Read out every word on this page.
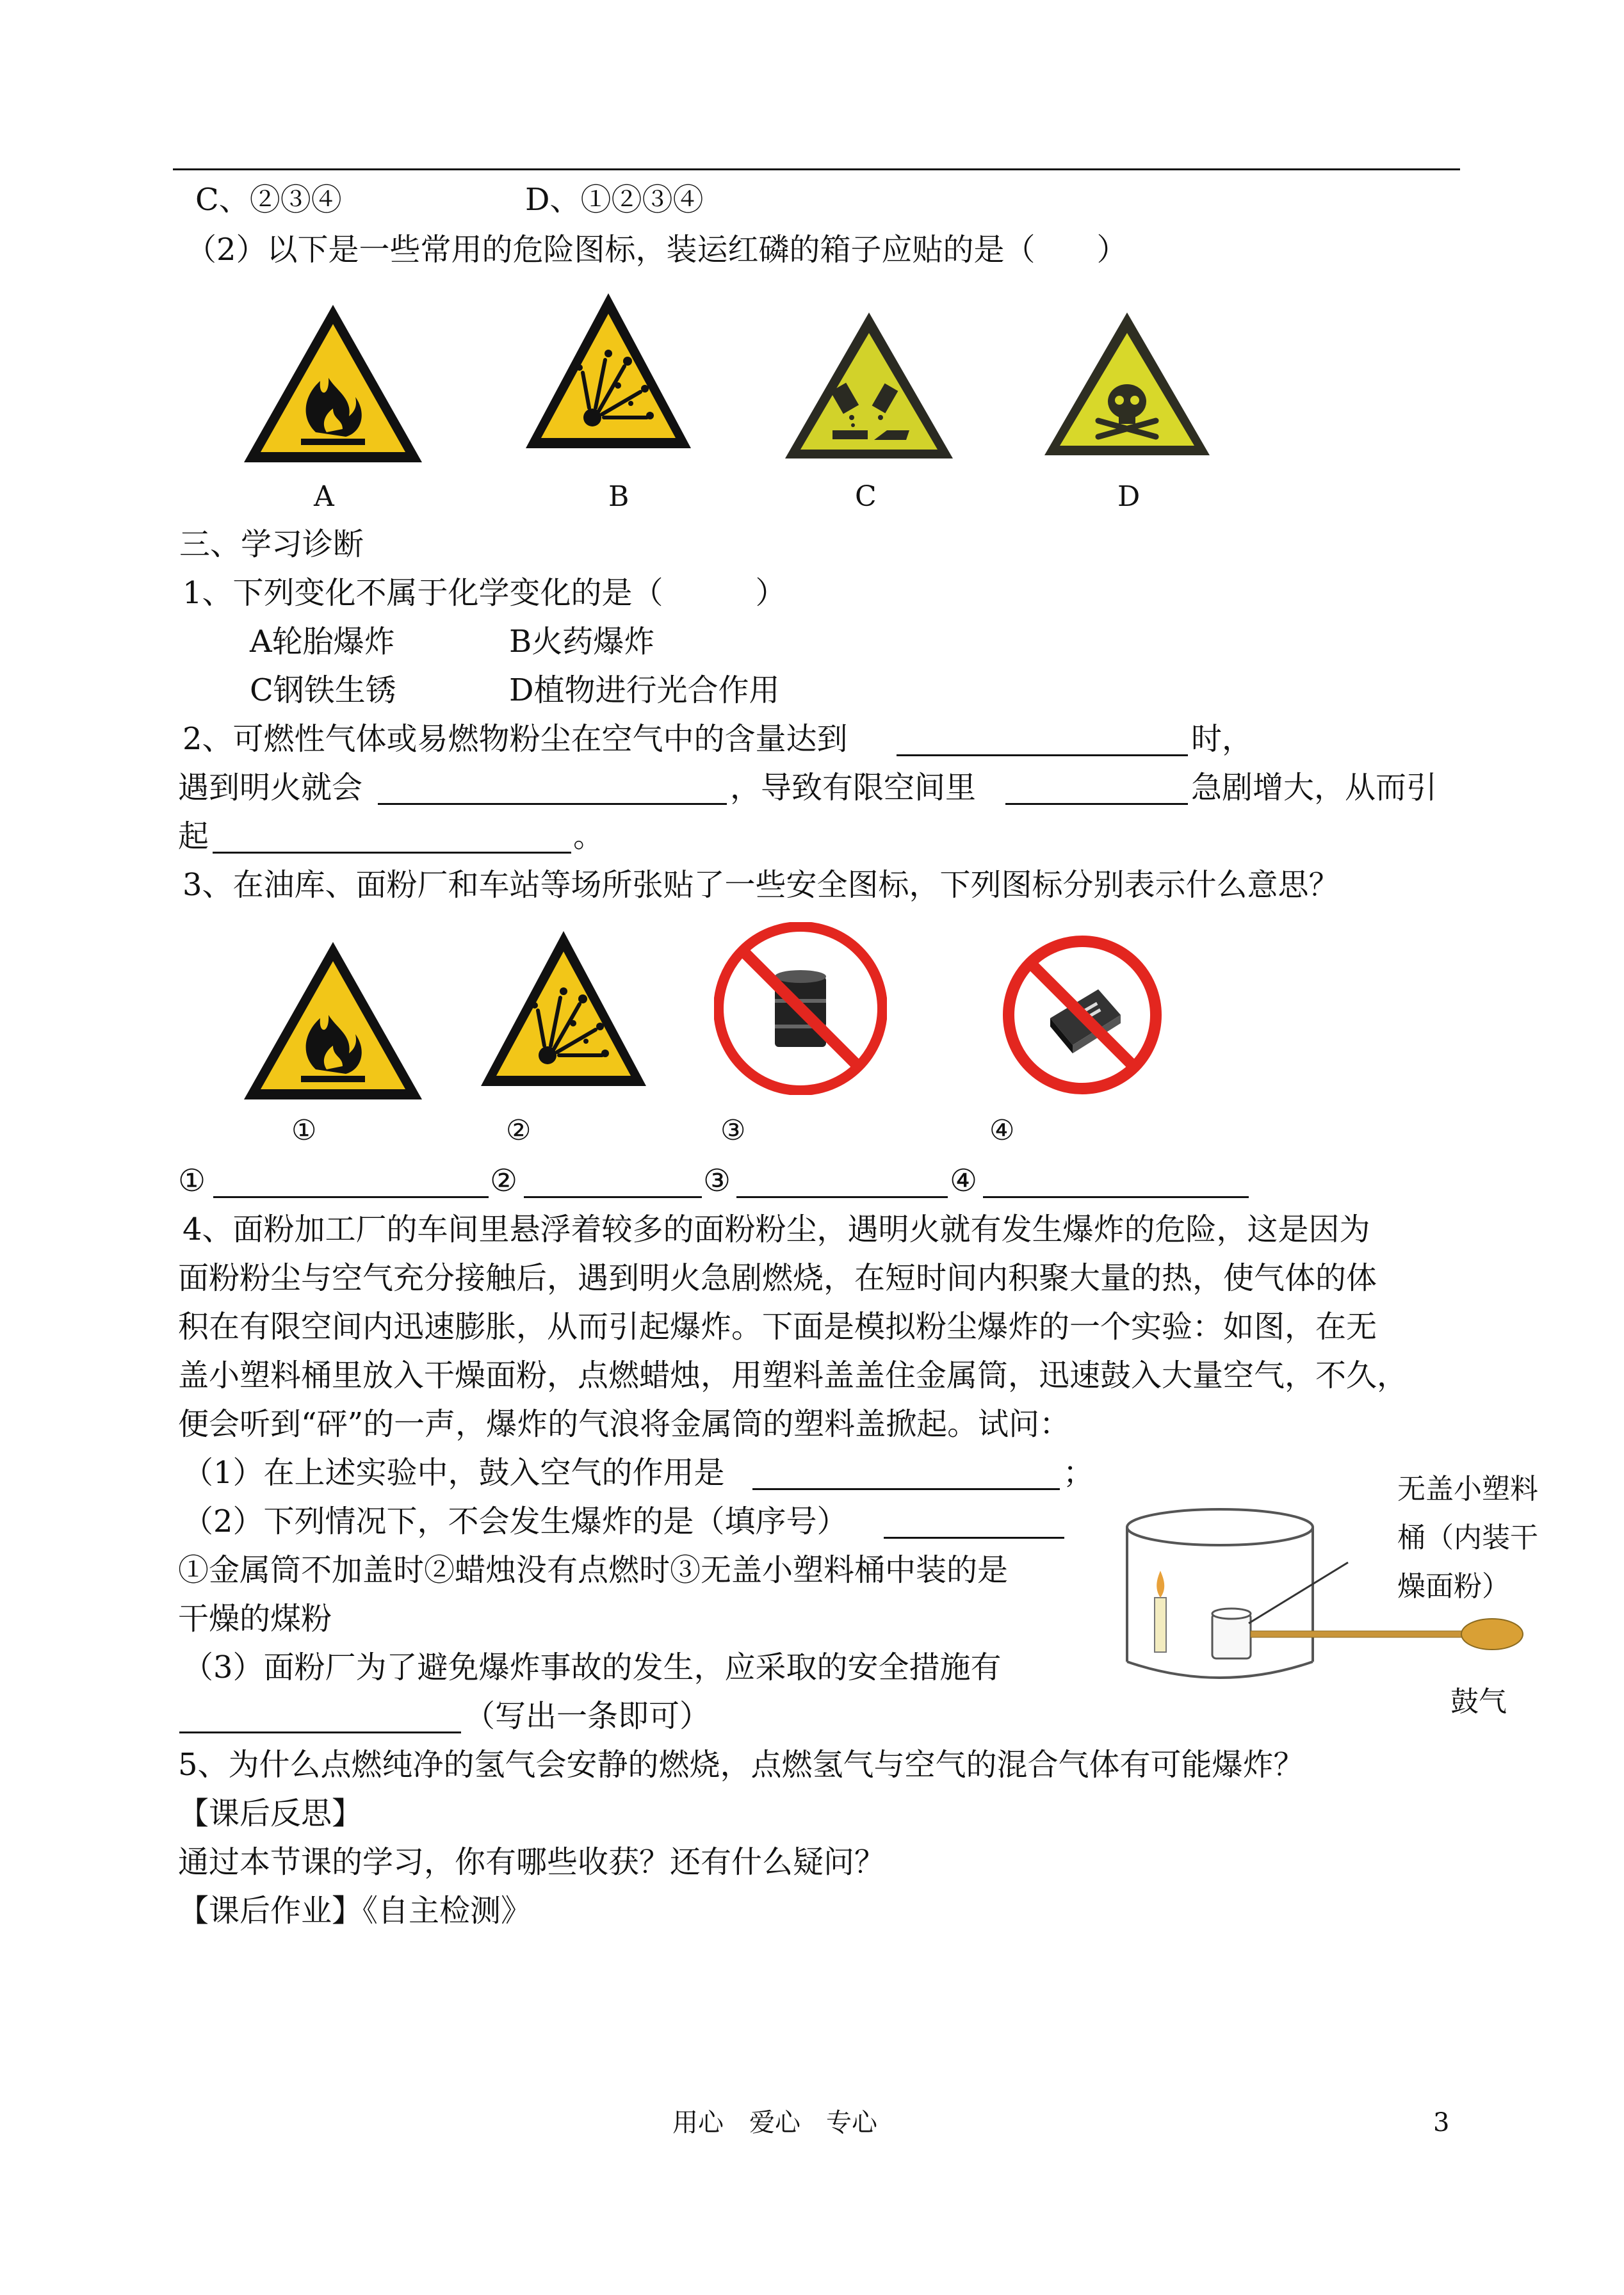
C、②③④	D、①②③④
（2）以下是一些常用的危险图标，装运红磷的箱子应贴的是（　　）
A	B	C	D
三、学习诊断
1、下列变化不属于化学变化的是（　　　）
A轮胎爆炸	B火药爆炸
C钢铁生锈	D植物进行光合作用
2、可燃性气体或易燃物粉尘在空气中的含量达到	时，
遇到明火就会	，导致有限空间里	急剧增大，从而引
起	。
3、在油库、面粉厂和车站等场所张贴了一些安全图标，下列图标分别表示什么意思？
①	②	③	④
①	②	③	④
4、面粉加工厂的车间里悬浮着较多的面粉粉尘，遇明火就有发生爆炸的危险，这是因为
面粉粉尘与空气充分接触后，遇到明火急剧燃烧，在短时间内积聚大量的热，使气体的体
积在有限空间内迅速膨胀，从而引起爆炸。下面是模拟粉尘爆炸的一个实验：如图，在无
盖小塑料桶里放入干燥面粉，点燃蜡烛，用塑料盖盖住金属筒，迅速鼓入大量空气，不久，
便会听到“砰”的一声，爆炸的气浪将金属筒的塑料盖掀起。试问：
（1）在上述实验中，鼓入空气的作用是	；
（2）下列情况下，不会发生爆炸的是（填序号）
①金属筒不加盖时②蜡烛没有点燃时③无盖小塑料桶中装的是
干燥的煤粉
（3）面粉厂为了避免爆炸事故的发生，应采取的安全措施有
（写出一条即可）
无盖小塑料
桶（内装干
燥面粉）
鼓气
5、为什么点燃纯净的氢气会安静的燃烧，点燃氢气与空气的混合气体有可能爆炸？
【课后反思】
通过本节课的学习，你有哪些收获？还有什么疑问？
【课后作业】《自主检测》
用心　爱心　专心	3
